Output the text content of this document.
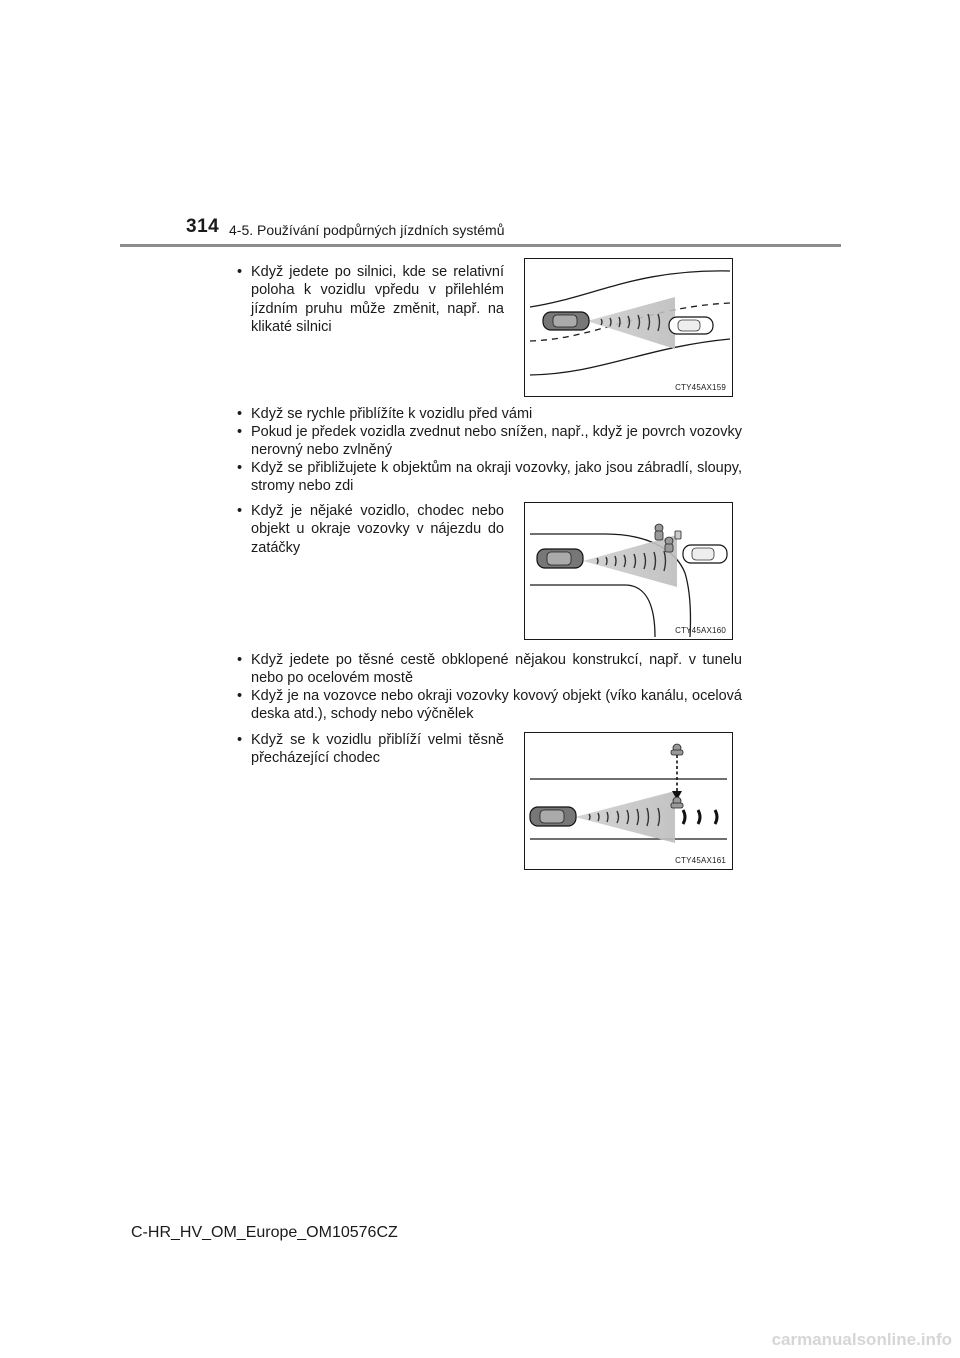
314 4-5. Používání podpůrných jízdních systémů
• Když jedete po silnici, kde se relativní poloha k vozidlu vpředu v přilehlém jízdním pruhu může změnit, např. na klikaté silnici
CTY45AX159
• Když se rychle přiblížíte k vozidlu před vámi
• Pokud je předek vozidla zvednut nebo snížen, např., když je povrch vozovky nerovný nebo zvlněný
• Když se přibližujete k objektům na okraji vozovky, jako jsou zábradlí, sloupy, stromy nebo zdi
• Když je nějaké vozidlo, chodec nebo objekt u okraje vozovky v nájezdu do zatáčky
CTY45AX160
• Když jedete po těsné cestě obklopené nějakou konstrukcí, např. v tunelu nebo po ocelovém mostě
• Když je na vozovce nebo okraji vozovky kovový objekt (víko kanálu, ocelová deska atd.), schody nebo výčnělek
• Když se k vozidlu přiblíží velmi těsně přecházející chodec
CTY45AX161
C-HR_HV_OM_Europe_OM10576CZ
carmanualsonline.info
